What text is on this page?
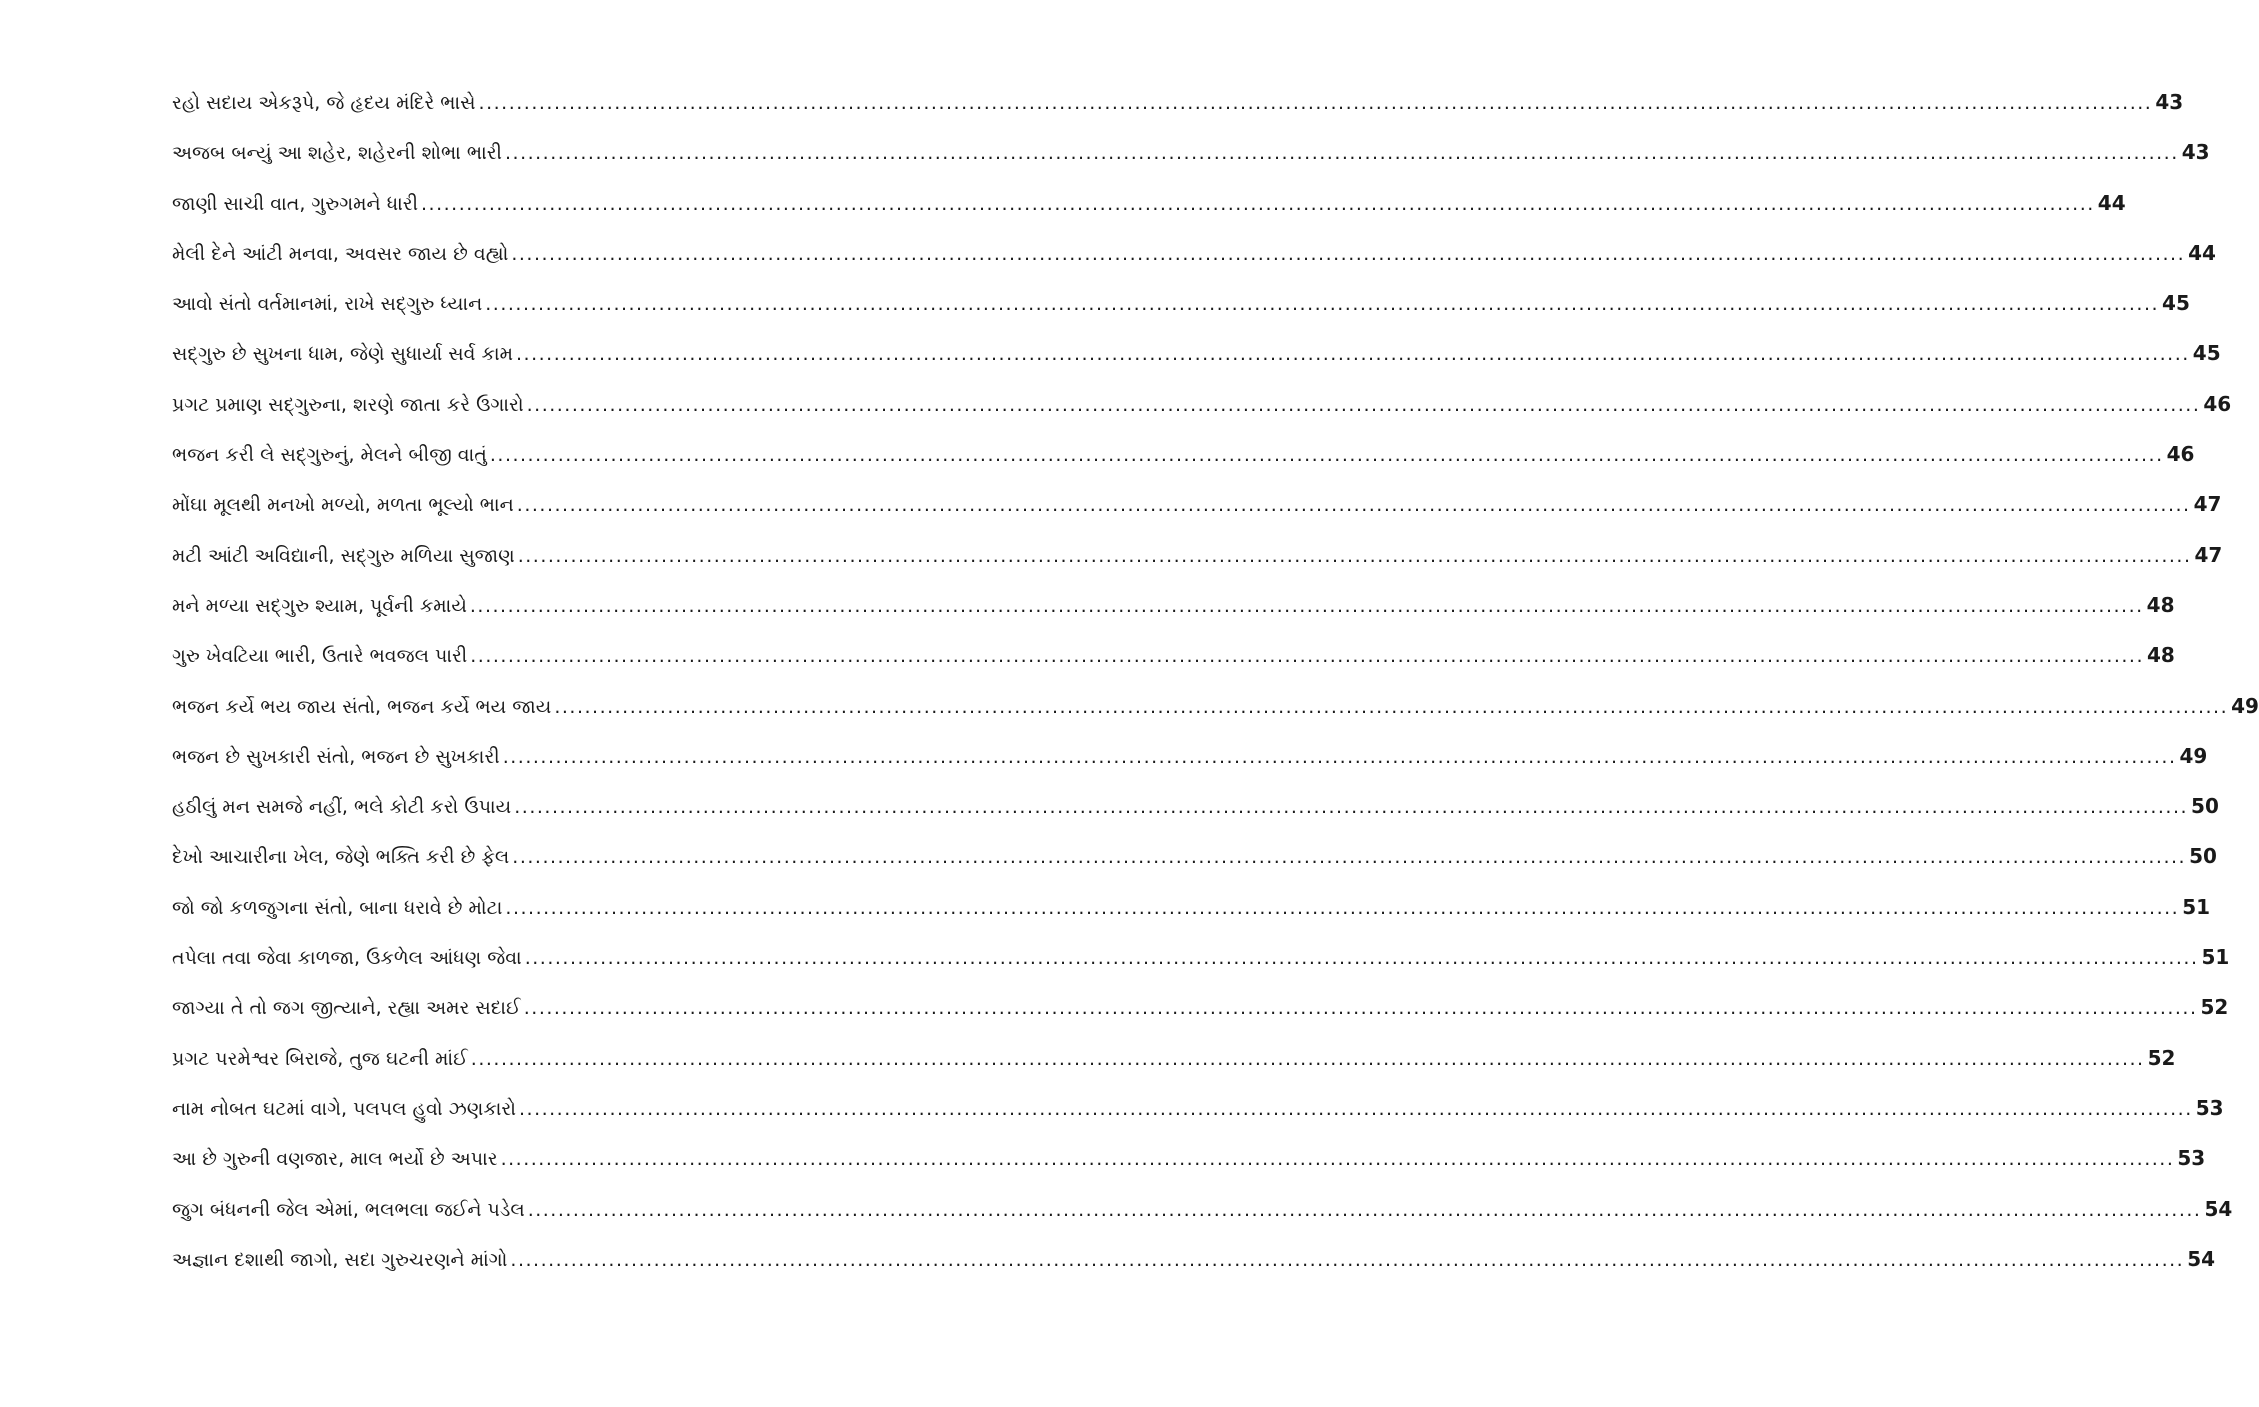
રહો સદાય એકરૂપે, જે હૃદય મંદિરે ભાસે .....	43
અજબ બન્યું આ શહેર, શહેરની શોભા ભારી .....	43
જાણી સાચી વાત, ગુરુગમને ધારી .....	44
મેલી દેને આંટી મનવા, અવસર જાય છે વહ્યો .....	44
આવો સંતો વર્તમાનમાં, રાખે સદ્‌ગુરુ ધ્યાન .....	45
સદ્‌ગુરુ છે સુખના ધામ, જેણે સુધાર્યા સર્વ કામ .....	45
પ્રગટ પ્રમાણ સદ્‌ગુરુના, શરણે જાતા કરે ઉગારો .....	46
ભજન કરી લે સદ્‌ગુરુનું, મેલને બીજી વાતું .....	46
મોંઘા મૂલથી મનખો મળ્યો, મળતા ભૂલ્યો ભાન .....	47
મટી આંટી અવિદ્યાની, સદ્‌ગુરુ મળિયા સુજાણ .....	47
મને મળ્યા સદ્‌ગુરુ શ્યામ, પૂર્વની કમાયે .....	48
ગુરુ ખેવટિયા ભારી, ઉતારે ભવજલ પારી .....	48
ભજન કર્યે ભય જાય સંતો, ભજન કર્યે ભય જાય .....	49
ભજન છે સુખકારી સંતો, ભજન છે સુખકારી .....	49
હઠીલું મન સમજે નહીં, ભલે કોટી કરો ઉપાય .....	50
દેખો આચારીના ખેલ, જેણે ભક્તિ કરી છે ફેલ .....	50
જો જો કળજુગના સંતો, બાના ધરાવે છે મોટા .....	51
તપેલા તવા જેવા કાળજા, ઉકળેલ આંધણ જેવા .....	51
જાગ્યા તે તો જગ જીત્યાને, રહ્યા અમર સદાઈ .....	52
પ્રગટ પરમેશ્વર બિરાજે, તુજ ઘટની માંઈ .....	52
નામ નોબત ઘટમાં વાગે, પલપલ હુવો ઝણકારો .....	53
આ છે ગુરુની વણજાર, માલ ભર્યો છે અપાર .....	53
જુગ બંધનની જેલ એમાં, ભલભલા જઈને પડેલ .....	54
અજ્ઞાન દશાથી જાગો, સદા ગુરુચરણને માંગો .....	54
